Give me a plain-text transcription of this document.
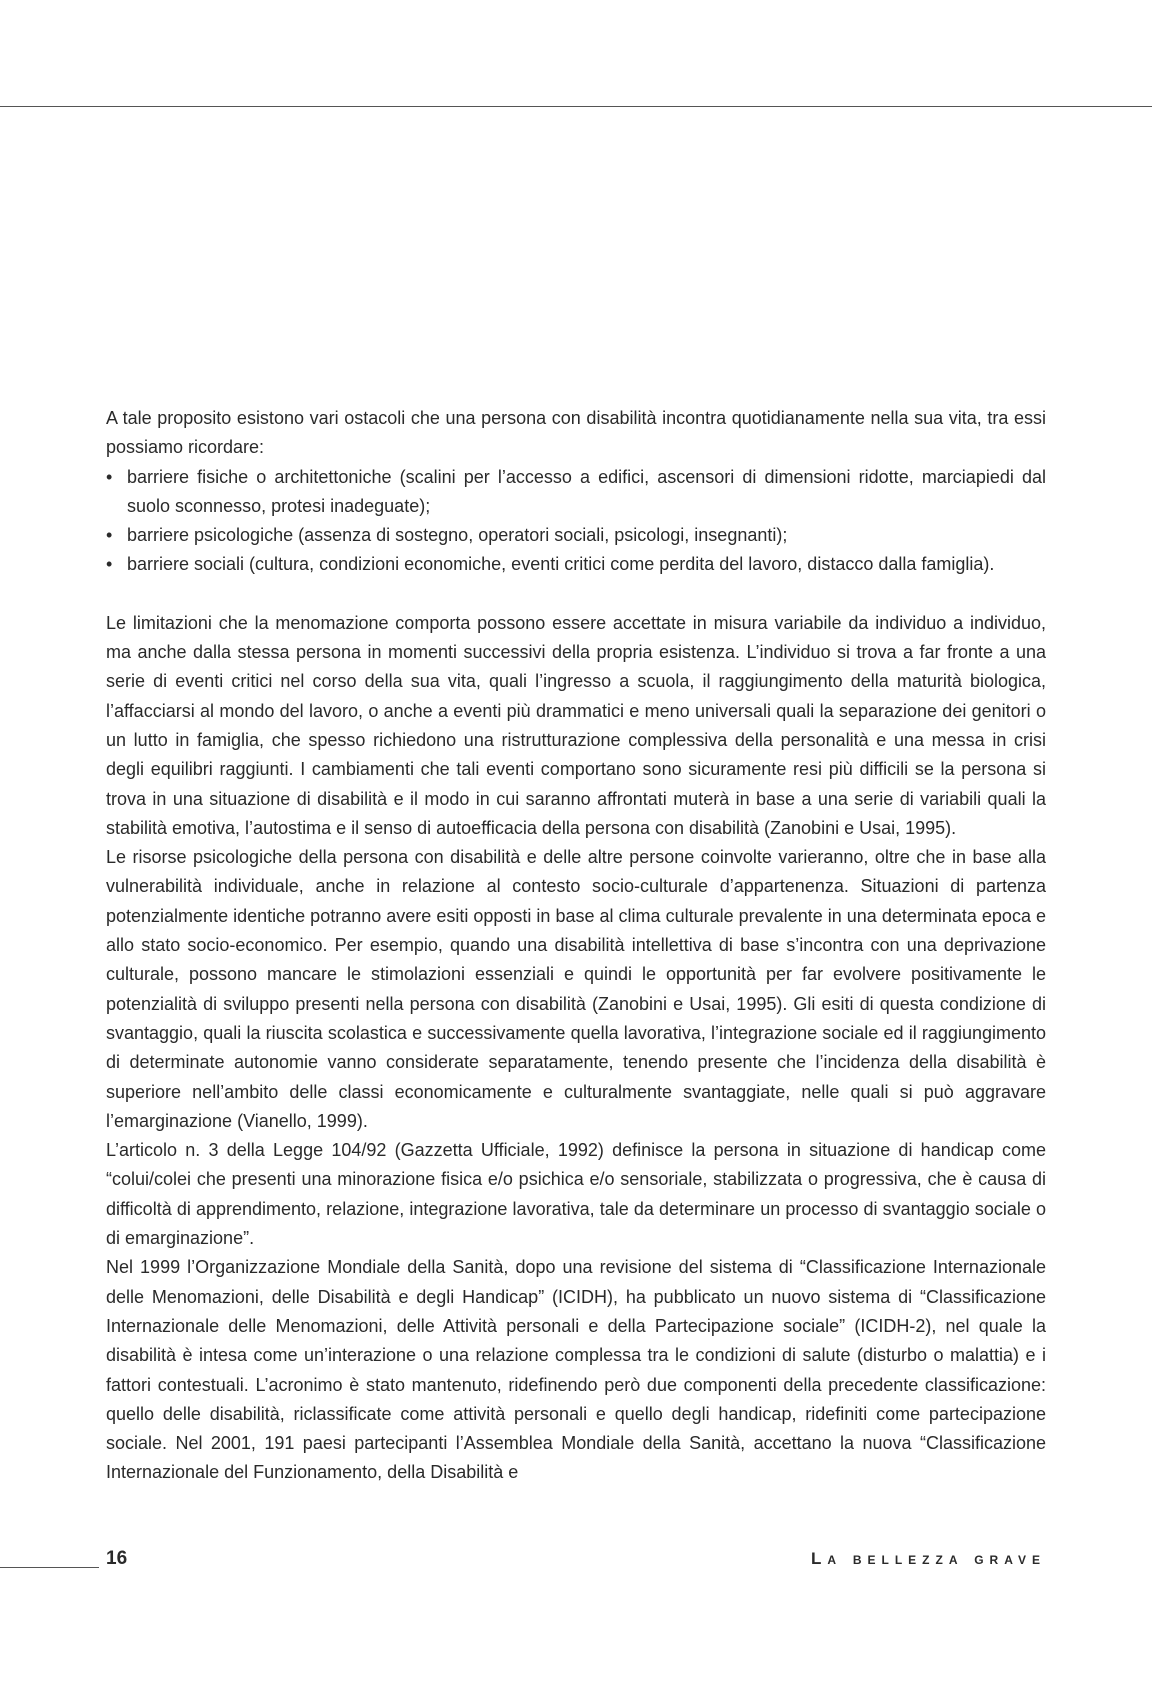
A tale proposito esistono vari ostacoli che una persona con disabilità incontra quotidianamente nella sua vita, tra essi possiamo ricordare:

• barriere fisiche o architettoniche (scalini per l’accesso a edifici, ascensori di dimensioni ridotte, marciapiedi dal suolo sconnesso, protesi inadeguate);
• barriere psicologiche (assenza di sostegno, operatori sociali, psicologi, insegnanti);
• barriere sociali (cultura, condizioni economiche, eventi critici come perdita del lavoro, distacco dalla famiglia).

Le limitazioni che la menomazione comporta possono essere accettate in misura variabile da individuo a individuo, ma anche dalla stessa persona in momenti successivi della propria esistenza. L’individuo si trova a far fronte a una serie di eventi critici nel corso della sua vita, quali l’ingresso a scuola, il raggiungimento della maturità biologica, l’affacciarsi al mondo del lavoro, o anche a eventi più drammatici e meno universali quali la separazione dei genitori o un lutto in famiglia, che spesso richiedono una ristrutturazione complessiva della personalità e una messa in crisi degli equilibri raggiunti. I cambiamenti che tali eventi comportano sono sicuramente resi più difficili se la persona si trova in una situazione di disabilità e il modo in cui saranno affrontati muterà in base a una serie di variabili quali la stabilità emotiva, l’autostima e il senso di autoefficacia della persona con disabilità (Zanobini e Usai, 1995).

Le risorse psicologiche della persona con disabilità e delle altre persone coinvolte varieranno, oltre che in base alla vulnerabilità individuale, anche in relazione al contesto socio-culturale d’appartenenza. Situazioni di partenza potenzialmente identiche potranno avere esiti opposti in base al clima culturale prevalente in una determinata epoca e allo stato socio-economico. Per esempio, quando una disabilità intellettiva di base s’incontra con una deprivazione culturale, possono mancare le stimolazioni essenziali e quindi le opportunità per far evolvere positivamente le potenzialità di sviluppo presenti nella persona con disabilità (Zanobini e Usai, 1995). Gli esiti di questa condizione di svantaggio, quali la riuscita scolastica e successivamente quella lavorativa, l’integrazione sociale ed il raggiungimento di determinate autonomie vanno considerate separatamente, tenendo presente che l’incidenza della disabilità è superiore nell’ambito delle classi economicamente e culturalmente svantaggiate, nelle quali si può aggravare l’emarginazione (Vianello, 1999).

L’articolo n. 3 della Legge 104/92 (Gazzetta Ufficiale, 1992) definisce la persona in situazione di handicap come “colui/colei che presenti una minorazione fisica e/o psichica e/o sensoriale, stabilizzata o progressiva, che è causa di difficoltà di apprendimento, relazione, integrazione lavorativa, tale da determinare un processo di svantaggio sociale o di emarginazione”.

Nel 1999 l’Organizzazione Mondiale della Sanità, dopo una revisione del sistema di “Classificazione Internazionale delle Menomazioni, delle Disabilità e degli Handicap” (ICIDH), ha pubblicato un nuovo sistema di “Classificazione Internazionale delle Menomazioni, delle Attività personali e della Partecipazione sociale” (ICIDH-2), nel quale la disabilità è intesa come un’interazione o una relazione complessa tra le condizioni di salute (disturbo o malattia) e i fattori contestuali. L’acronimo è stato mantenuto, ridefinendo però due componenti della precedente classificazione: quello delle disabilità, riclassificate come attività personali e quello degli handicap, ridefiniti come partecipazione sociale. Nel 2001, 191 paesi partecipanti l’Assemblea Mondiale della Sanità, accettano la nuova “Classificazione Internazionale del Funzionamento, della Disabilità e

16	La bellezza grave
